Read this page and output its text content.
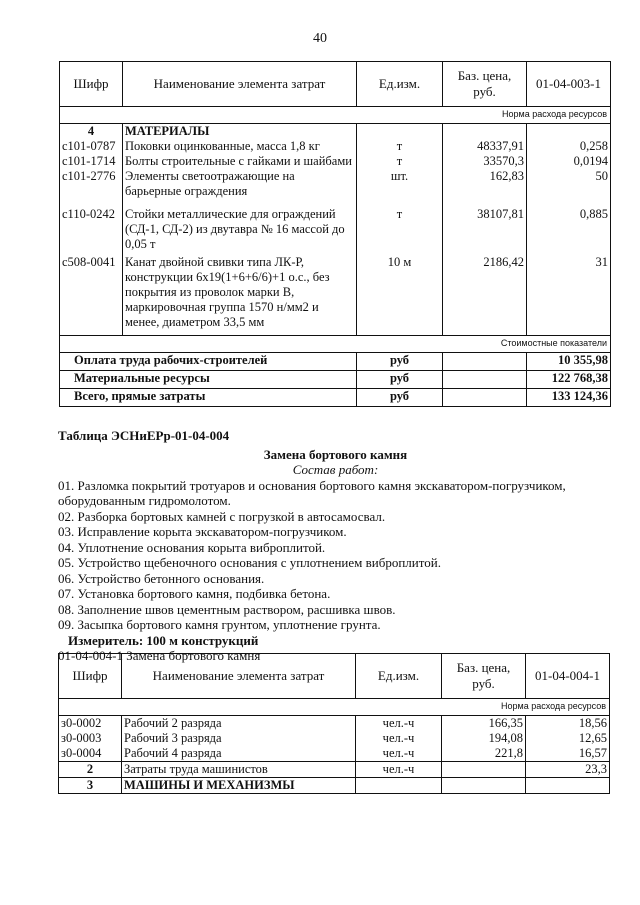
40
Шифр	Наименование элемента затрат	Ед.изм.	Баз. цена, руб.	01-04-003-1
Норма расхода ресурсов				
4	МАТЕРИАЛЫ			
с101-0787	Поковки оцинкованные, масса 1,8 кг	т	48337,91	0,258
с101-1714	Болты строительные с гайками и шайбами	т	33570,3	0,0194
с101-2776	Элементы светоотражающие на барьерные ограждения	шт.	162,83	50
с110-0242	Стойки металлические для ограждений (СД-1, СД-2) из двутавра № 16 массой до 0,05 т	т	38107,81	0,885
с508-0041	Канат двойной свивки типа ЛК-Р, конструкции 6х19(1+6+6/6)+1 о.с., без покрытия из проволок марки В, маркировочная группа 1570 н/мм2 и менее, диаметром 33,5 мм	10 м	2186,42	31
Стоимостные показатели				
Оплата труда рабочих-строителей		руб		10 355,98
Материальные ресурсы		руб		122 768,38
Всего, прямые затраты		руб		133 124,36
Таблица ЭСНиЕРр-01-04-004
Замена бортового камня
Состав работ:
01. Разломка покрытий тротуаров и основания бортового камня экскаватором-погрузчиком,
оборудованным гидромолотом.
02. Разборка бортовых камней с погрузкой в автосамосвал.
03. Исправление корыта экскаватором-погрузчиком.
04. Уплотнение основания корыта виброплитой.
05. Устройство щебеночного основания с уплотнением виброплитой.
06. Устройство бетонного основания.
07. Установка бортового камня, подбивка бетона.
08. Заполнение швов цементным раствором, расшивка швов.
09. Засыпка бортового камня грунтом, уплотнение грунта.
Измеритель: 100 м конструкций
01-04-004-1 Замена бортового камня
Шифр	Наименование элемента затрат	Ед.изм.	Баз. цена, руб.	01-04-004-1
Норма расхода ресурсов				
з0-0002	Рабочий 2 разряда	чел.-ч	166,35	18,56
з0-0003	Рабочий 3 разряда	чел.-ч	194,08	12,65
з0-0004	Рабочий 4 разряда	чел.-ч	221,8	16,57
2	Затраты труда машинистов	чел.-ч		23,3
3	МАШИНЫ И МЕХАНИЗМЫ			
